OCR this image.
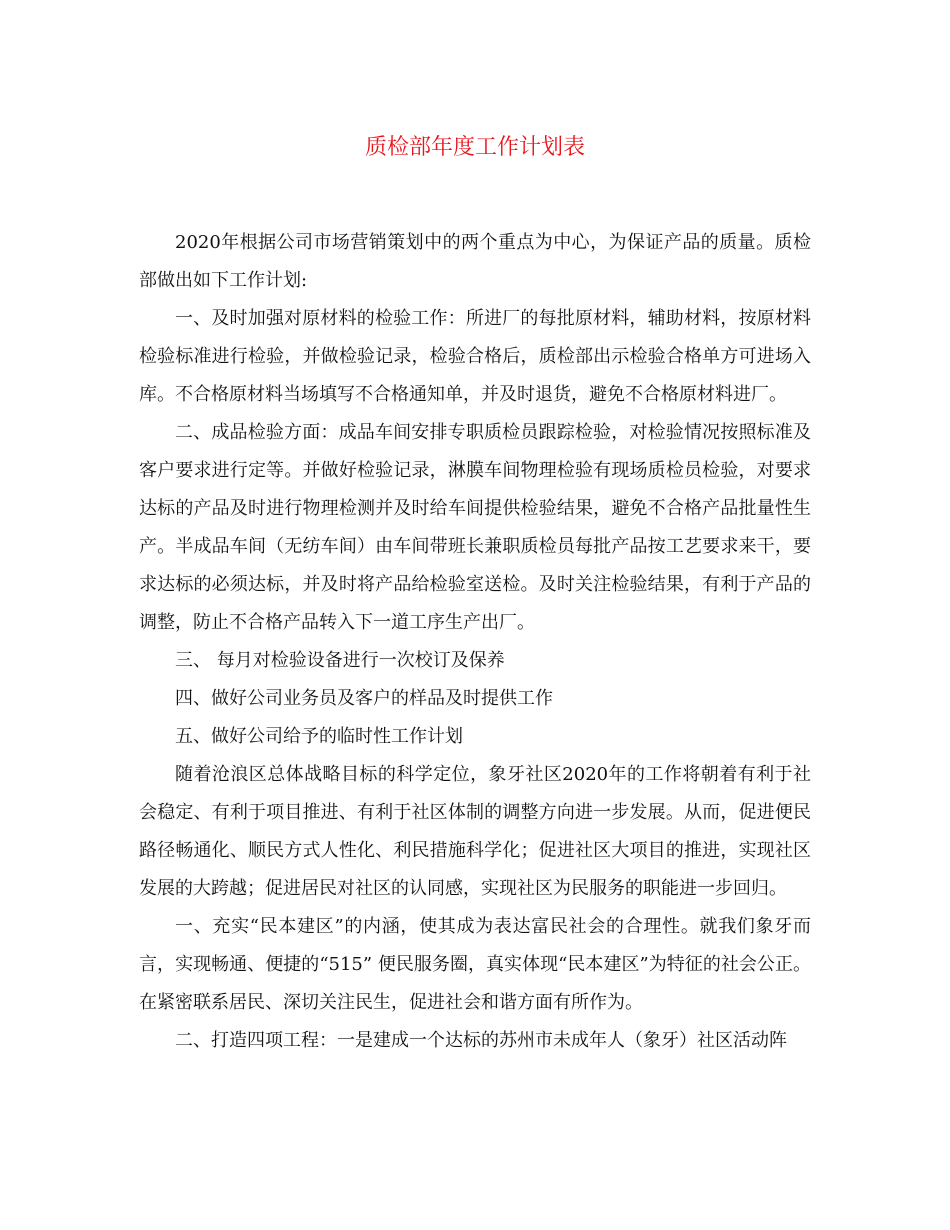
质检部年度工作计划表

2020年根据公司市场营销策划中的两个重点为中心，为保证产品的质量。质检部做出如下工作计划:

一、及时加强对原材料的检验工作：所进厂的每批原材料，辅助材料，按原材料检验标准进行检验，并做检验记录，检验合格后，质检部出示检验合格单方可进场入库。不合格原材料当场填写不合格通知单，并及时退货，避免不合格原材料进厂。

二、成品检验方面：成品车间安排专职质检员跟踪检验，对检验情况按照标准及客户要求进行定等。并做好检验记录，淋膜车间物理检验有现场质检员检验，对要求达标的产品及时进行物理检测并及时给车间提供检验结果，避免不合格产品批量性生产。半成品车间（无纺车间）由车间带班长兼职质检员每批产品按工艺要求来干，要求达标的必须达标，并及时将产品给检验室送检。及时关注检验结果，有利于产品的调整，防止不合格产品转入下一道工序生产出厂。

三、 每月对检验设备进行一次校订及保养

四、做好公司业务员及客户的样品及时提供工作

五、做好公司给予的临时性工作计划

随着沧浪区总体战略目标的科学定位，象牙社区2020年的工作将朝着有利于社会稳定、有利于项目推进、有利于社区体制的调整方向进一步发展。从而，促进便民路径畅通化、顺民方式人性化、利民措施科学化；促进社区大项目的推进，实现社区发展的大跨越；促进居民对社区的认同感，实现社区为民服务的职能进一步回归。

一、充实“民本建区”的内涵，使其成为表达富民社会的合理性。就我们象牙而言，实现畅通、便捷的“515” 便民服务圈，真实体现“民本建区”为特征的社会公正。在紧密联系居民、深切关注民生，促进社会和谐方面有所作为。

二、打造四项工程：一是建成一个达标的苏州市未成年人（象牙）社区活动阵
